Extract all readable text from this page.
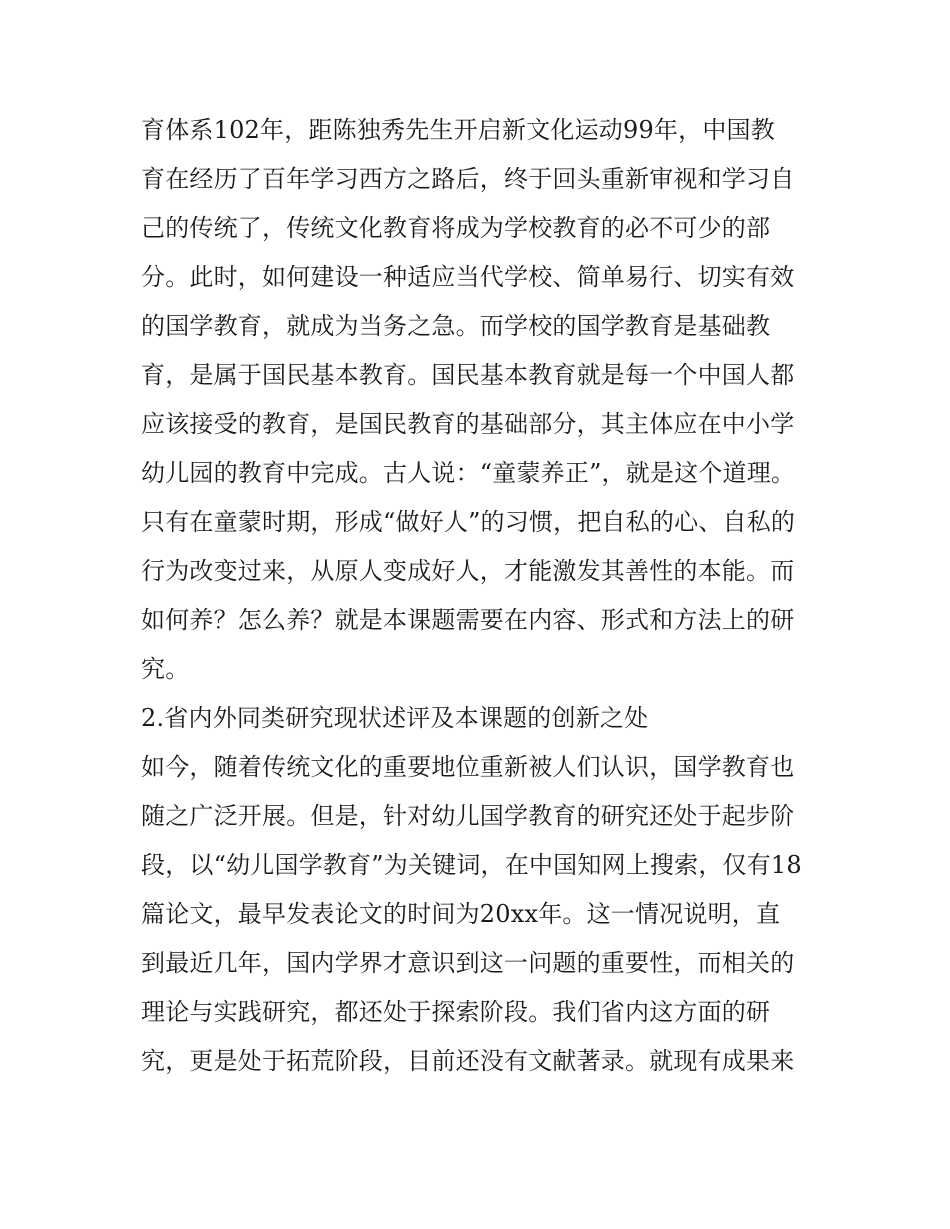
育体系102年，距陈独秀先生开启新文化运动99年，中国教
育在经历了百年学习西方之路后，终于回头重新审视和学习自
己的传统了，传统文化教育将成为学校教育的必不可少的部
分。此时，如何建设一种适应当代学校、简单易行、切实有效
的国学教育，就成为当务之急。而学校的国学教育是基础教
育，是属于国民基本教育。国民基本教育就是每一个中国人都
应该接受的教育，是国民教育的基础部分，其主体应在中小学
幼儿园的教育中完成。古人说：“童蒙养正”，就是这个道理。
只有在童蒙时期，形成“做好人”的习惯，把自私的心、自私的
行为改变过来，从原人变成好人，才能激发其善性的本能。而
如何养？怎么养？就是本课题需要在内容、形式和方法上的研
究。
2.省内外同类研究现状述评及本课题的创新之处
如今，随着传统文化的重要地位重新被人们认识，国学教育也
随之广泛开展。但是，针对幼儿国学教育的研究还处于起步阶
段，以“幼儿国学教育”为关键词，在中国知网上搜索，仅有18
篇论文，最早发表论文的时间为20xx年。这一情况说明，直
到最近几年，国内学界才意识到这一问题的重要性，而相关的
理论与实践研究，都还处于探索阶段。我们省内这方面的研
究，更是处于拓荒阶段，目前还没有文献著录。就现有成果来
